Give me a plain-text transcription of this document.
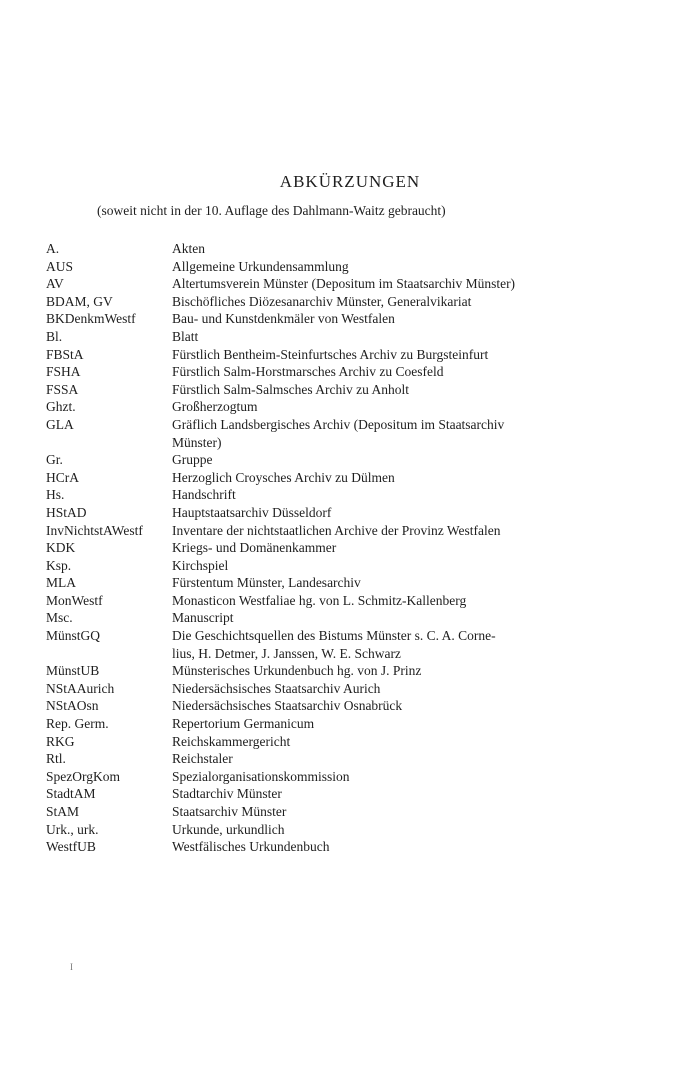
ABKÜRZUNGEN

(soweit nicht in der 10. Auflage des Dahlmann-Waitz gebraucht)

A.	Akten
AUS	Allgemeine Urkundensammlung
AV	Altertumsverein Münster (Depositum im Staatsarchiv Münster)
BDAM, GV	Bischöfliches Diözesanarchiv Münster, Generalvikariat
BKDenkmWestf	Bau- und Kunstdenkmäler von Westfalen
Bl.	Blatt
FBStA	Fürstlich Bentheim-Steinfurtsches Archiv zu Burgsteinfurt
FSHA	Fürstlich Salm-Horstmarsches Archiv zu Coesfeld
FSSA	Fürstlich Salm-Salmsches Archiv zu Anholt
Ghzt.	Großherzogtum
GLA	Gräflich Landsbergisches Archiv (Depositum im Staatsarchiv
Münster)
Gr.	Gruppe
HCrA	Herzoglich Croysches Archiv zu Dülmen
Hs.	Handschrift
HStAD	Hauptstaatsarchiv Düsseldorf
InvNichtstAWestf	Inventare der nichtstaatlichen Archive der Provinz Westfalen
KDK	Kriegs- und Domänenkammer
Ksp.	Kirchspiel
MLA	Fürstentum Münster, Landesarchiv
MonWestf	Monasticon Westfaliae hg. von L. Schmitz-Kallenberg
Msc.	Manuscript
MünstGQ	Die Geschichtsquellen des Bistums Münster s. C. A. Corne-
lius, H. Detmer, J. Janssen, W. E. Schwarz
MünstUB	Münsterisches Urkundenbuch hg. von J. Prinz
NStAAurich	Niedersächsisches Staatsarchiv Aurich
NStAOsn	Niedersächsisches Staatsarchiv Osnabrück
Rep. Germ.	Repertorium Germanicum
RKG	Reichskammergericht
Rtl.	Reichstaler
SpezOrgKom	Spezialorganisationskommission
StadtAM	Stadtarchiv Münster
StAM	Staatsarchiv Münster
Urk., urk.	Urkunde, urkundlich
WestfUB	Westfälisches Urkundenbuch
I
